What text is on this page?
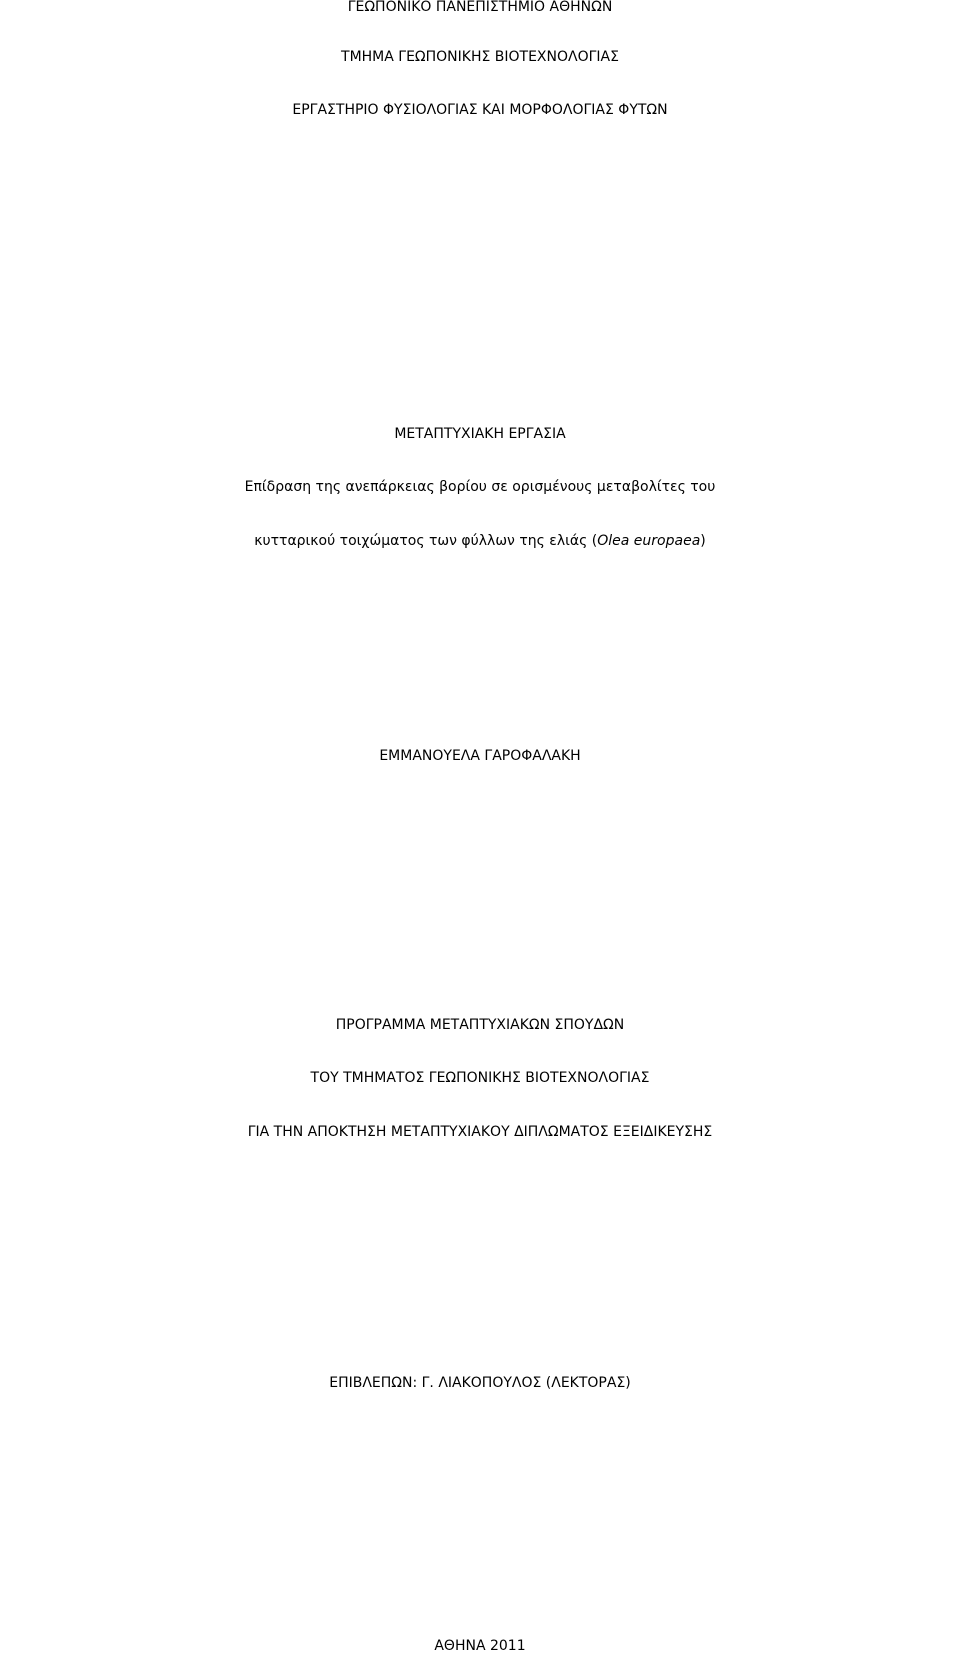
ΓΕΩΠΟΝΙΚΟ ΠΑΝΕΠΙΣΤΗΜΙΟ ΑΘΗΝΩΝ

ΤΜΗΜΑ ΓΕΩΠΟΝΙΚΗΣ ΒΙΟΤΕΧΝΟΛΟΓΙΑΣ

ΕΡΓΑΣΤΗΡΙΟ ΦΥΣΙΟΛΟΓΙΑΣ ΚΑΙ ΜΟΡΦΟΛΟΓΙΑΣ ΦΥΤΩΝ

ΜΕΤΑΠΤΥΧΙΑΚΗ ΕΡΓΑΣΙΑ

Επίδραση της ανεπάρκειας βορίου σε ορισμένους μεταβολίτες του

κυτταρικού τοιχώματος των φύλλων της ελιάς (Olea europaea)

ΕΜΜΑΝΟΥΕΛΑ ΓΑΡΟΦΑΛΑΚΗ

ΠΡΟΓΡΑΜΜΑ ΜΕΤΑΠΤΥΧΙΑΚΩΝ ΣΠΟΥΔΩΝ

ΤΟΥ ΤΜΗΜΑΤΟΣ ΓΕΩΠΟΝΙΚΗΣ ΒΙΟΤΕΧΝΟΛΟΓΙΑΣ

ΓΙΑ ΤΗΝ ΑΠΟΚΤΗΣΗ ΜΕΤΑΠΤΥΧΙΑΚΟΥ ΔΙΠΛΩΜΑΤΟΣ ΕΞΕΙΔΙΚΕΥΣΗΣ

ΕΠΙΒΛΕΠΩΝ: Γ. ΛΙΑΚΟΠΟΥΛΟΣ (ΛΕΚΤΟΡΑΣ)

ΑΘΗΝΑ 2011
